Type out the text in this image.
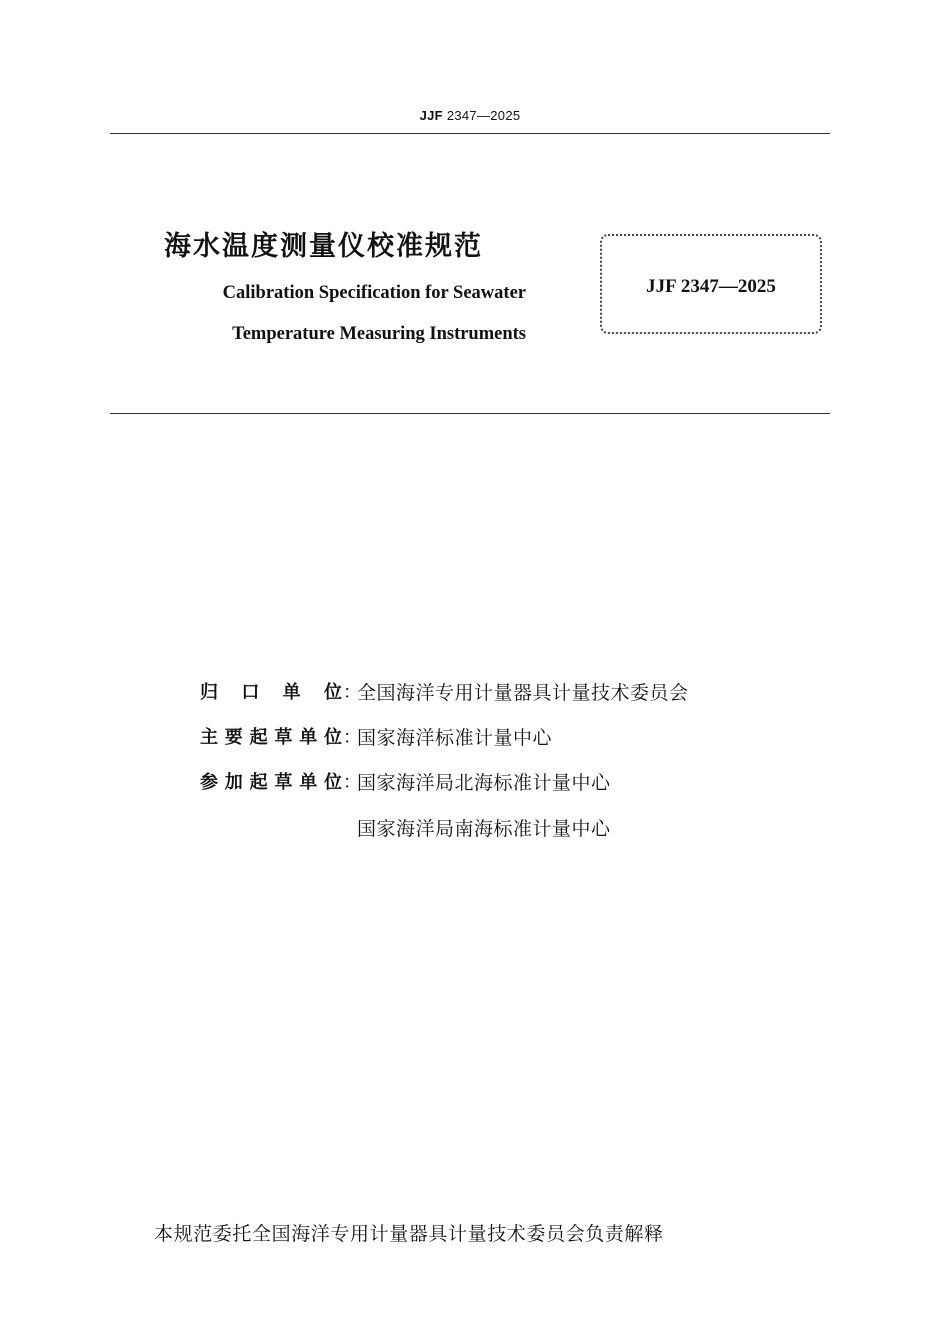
JJF 2347—2025
海水温度测量仪校准规范
Calibration Specification for Seawater
Temperature Measuring Instruments
JJF 2347—2025
归 口 单 位 ：
全国海洋专用计量器具计量技术委员会
主 要 起 草 单 位 ：
国家海洋标准计量中心
参 加 起 草 单 位 ：
国家海洋局北海标准计量中心
国家海洋局南海标准计量中心
本规范委托全国海洋专用计量器具计量技术委员会负责解释
